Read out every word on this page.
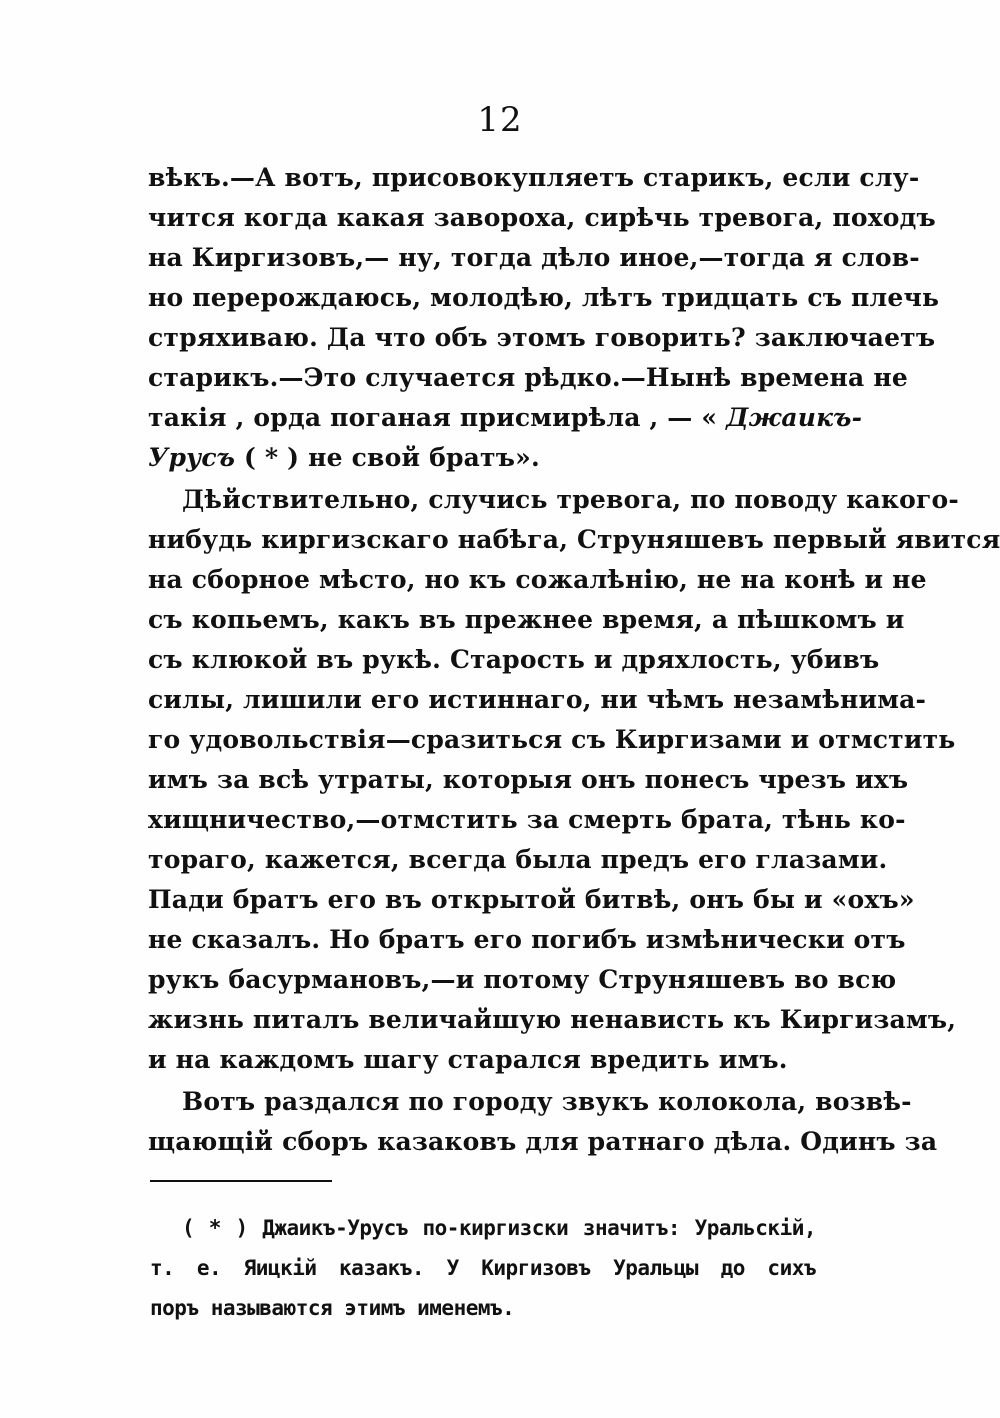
12
вѣкъ.—А вотъ, присовокупляетъ старикъ, если слу-
чится когда какая завороха, сирѣчь тревога, походъ
на Киргизовъ,— ну, тогда дѣло иное,—тогда я слов-
но перерождаюсь, молодѣю, лѣтъ тридцать съ плечь
стряхиваю. Да что объ этомъ говорить? заключаетъ
старикъ.—Это случается рѣдко.—Нынѣ времена не
такія , орда поганая присмирѣла , — « Джаикъ-
Урусъ ( * ) не свой братъ».
Дѣйствительно, случись тревога, по поводу какого-
нибудь киргизскаго набѣга, Струняшевъ первый явится
на сборное мѣсто, но къ сожалѣнію, не на конѣ и не
съ копьемъ, какъ въ прежнее время, а пѣшкомъ и
съ клюкой въ рукѣ. Старость и дряхлость, убивъ
силы, лишили его истиннаго, ни чѣмъ незамѣнима-
го удовольствія—сразиться съ Киргизами и отмстить
имъ за всѣ утраты, которыя онъ понесъ чрезъ ихъ
хищничество,—отмстить за смерть брата, тѣнь ко-
тораго, кажется, всегда была предъ его глазами.
Пади братъ его въ открытой битвѣ, онъ бы и «охъ»
не сказалъ. Но братъ его погибъ измѣнически отъ
рукъ басурмановъ,—и потому Струняшевъ во всю
жизнь питалъ величайшую ненависть къ Киргизамъ,
и на каждомъ шагу старался вредить имъ.
Вотъ раздался по городу звукъ колокола, возвѣ-
щающій сборъ казаковъ для ратнаго дѣла. Одинъ за
( * ) Джаикъ-Урусъ по-киргизски значитъ: Уральскій,
т. е. Яицкій казакъ. У Киргизовъ Уральцы до сихъ
поръ называются этимъ именемъ.
